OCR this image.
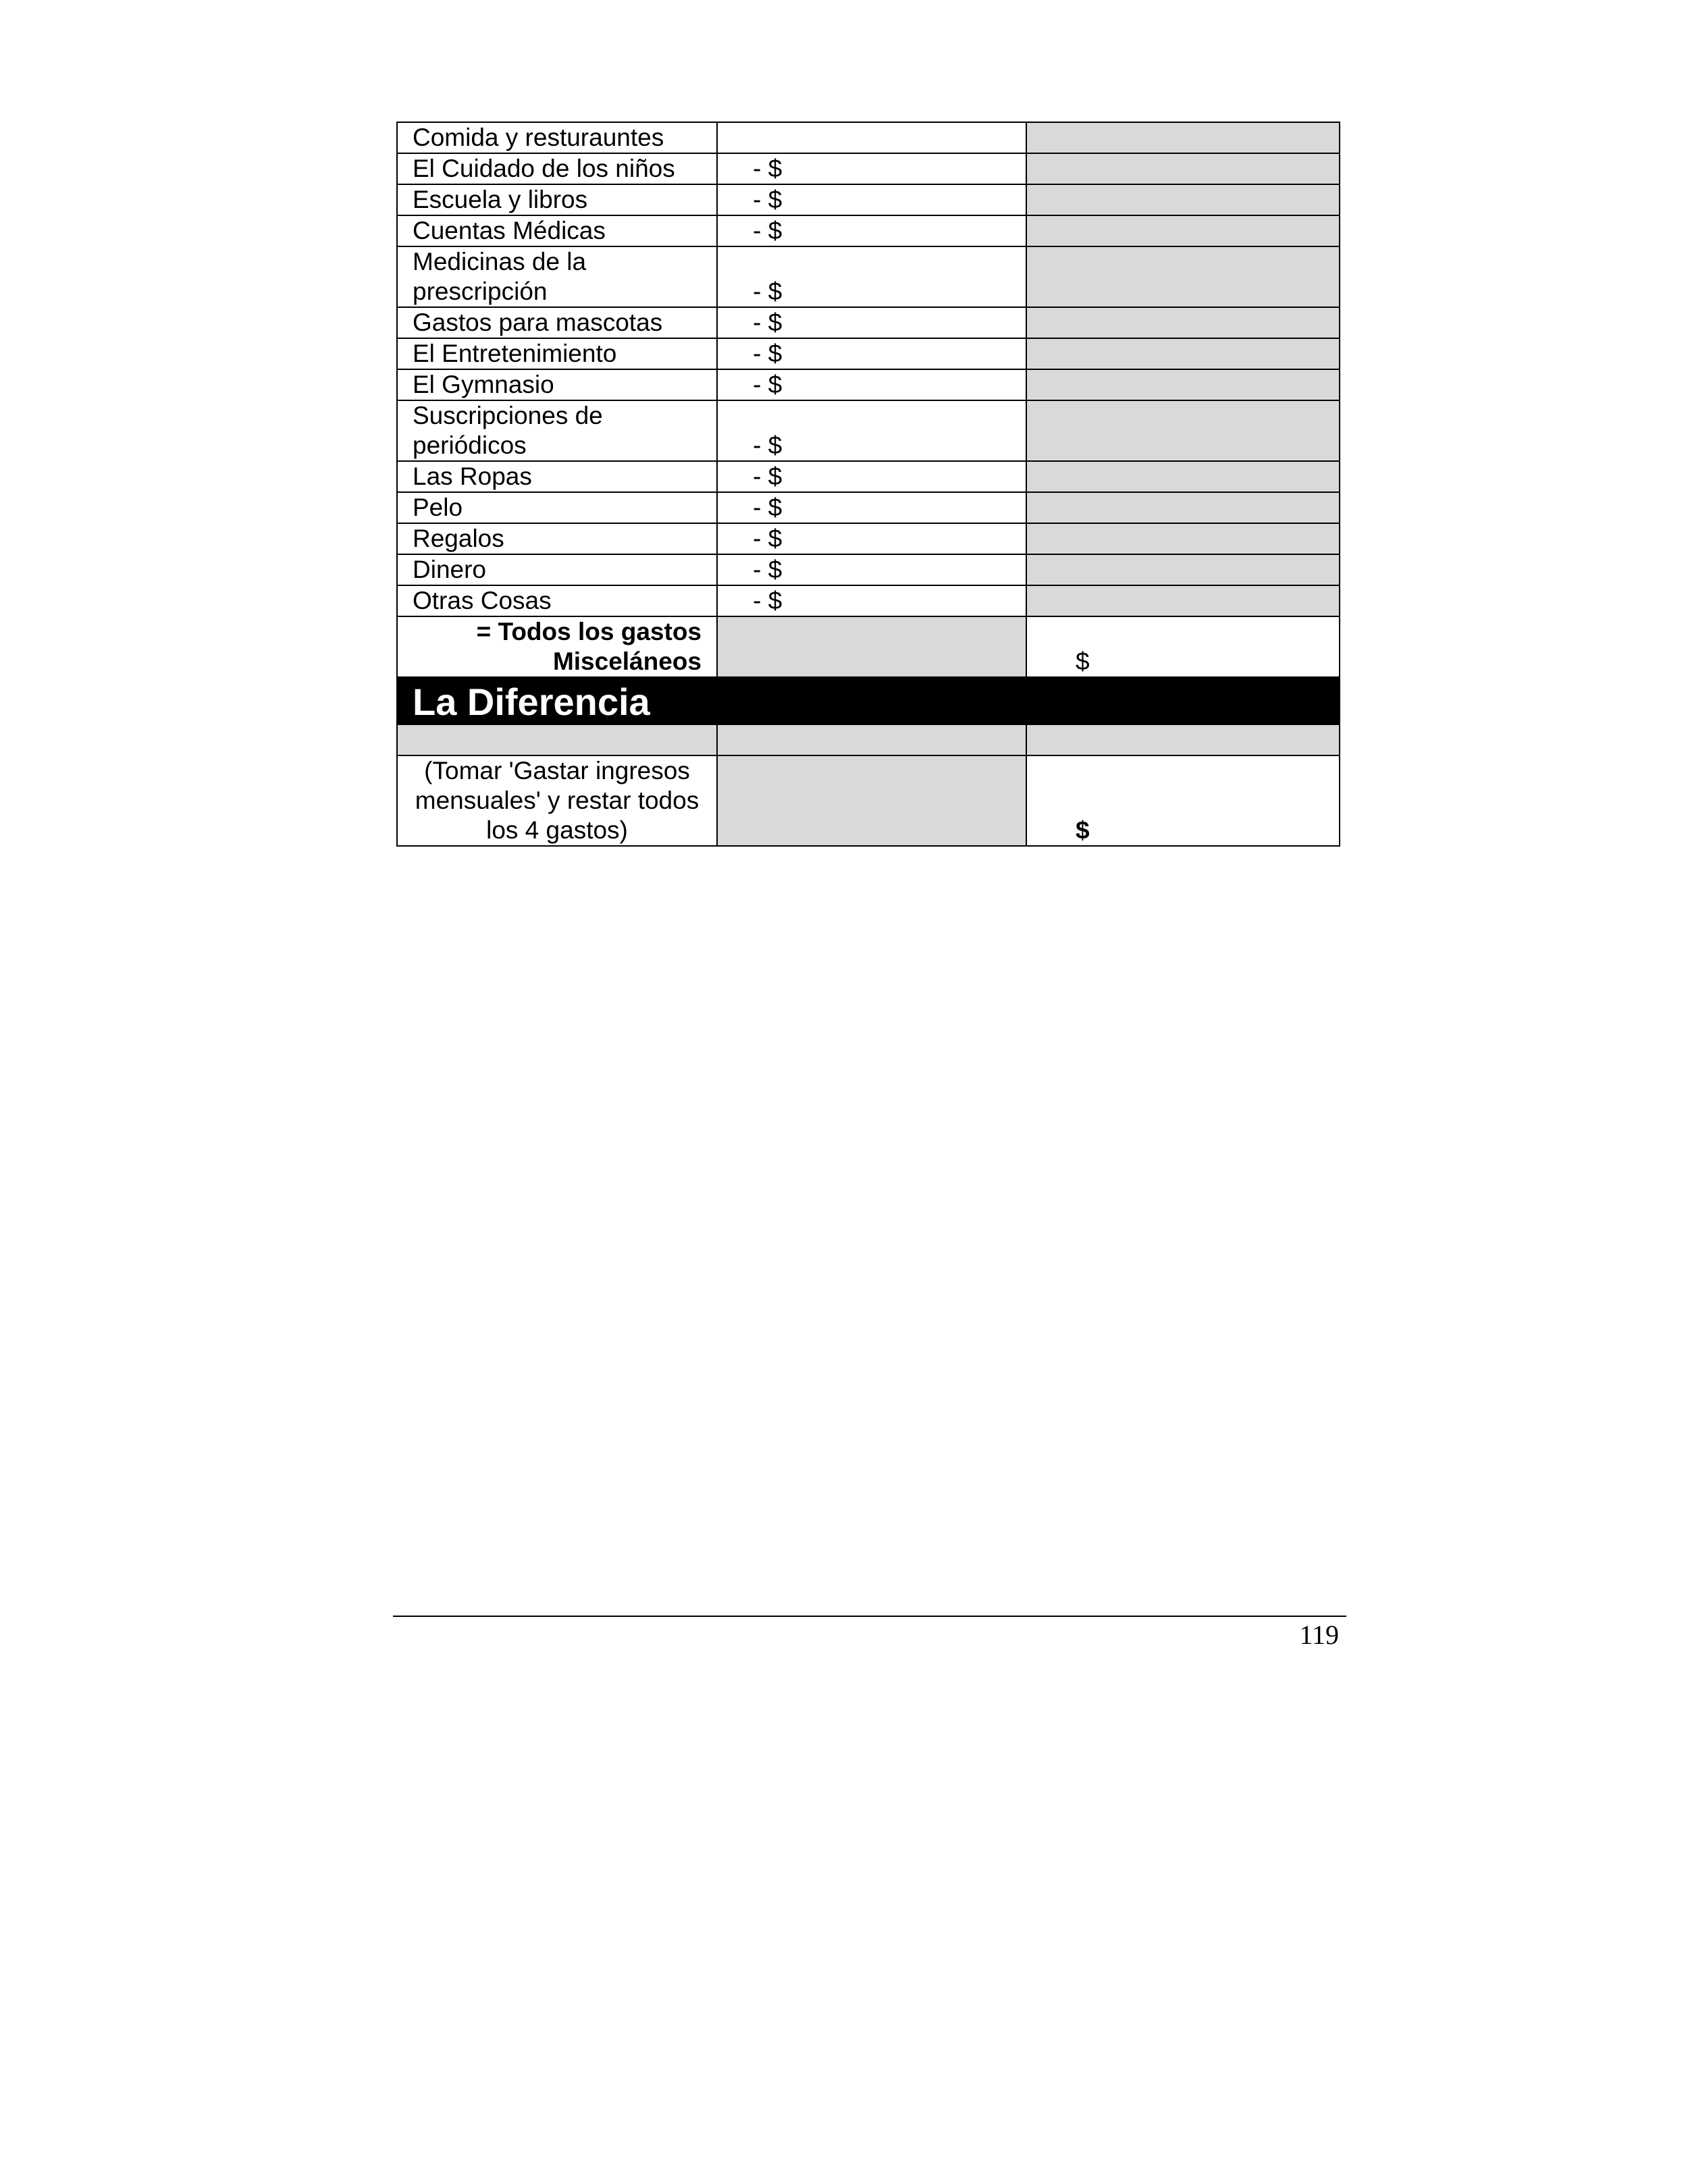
Comida y resturauntes		
El Cuidado de los niños	- $	
Escuela y libros	- $	
Cuentas Médicas	- $	
Medicinas de la prescripción	- $	
Gastos para mascotas	- $	
El Entretenimiento	- $	
El Gymnasio	- $	
Suscripciones de periódicos	- $	
Las Ropas	- $	
Pelo	- $	
Regalos	- $	
Dinero	- $	
Otras Cosas	- $	
= Todos los gastos Misceláneos		$
La Diferencia		

(Tomar 'Gastar ingresos mensuales' y restar todos los 4 gastos)		$
119
